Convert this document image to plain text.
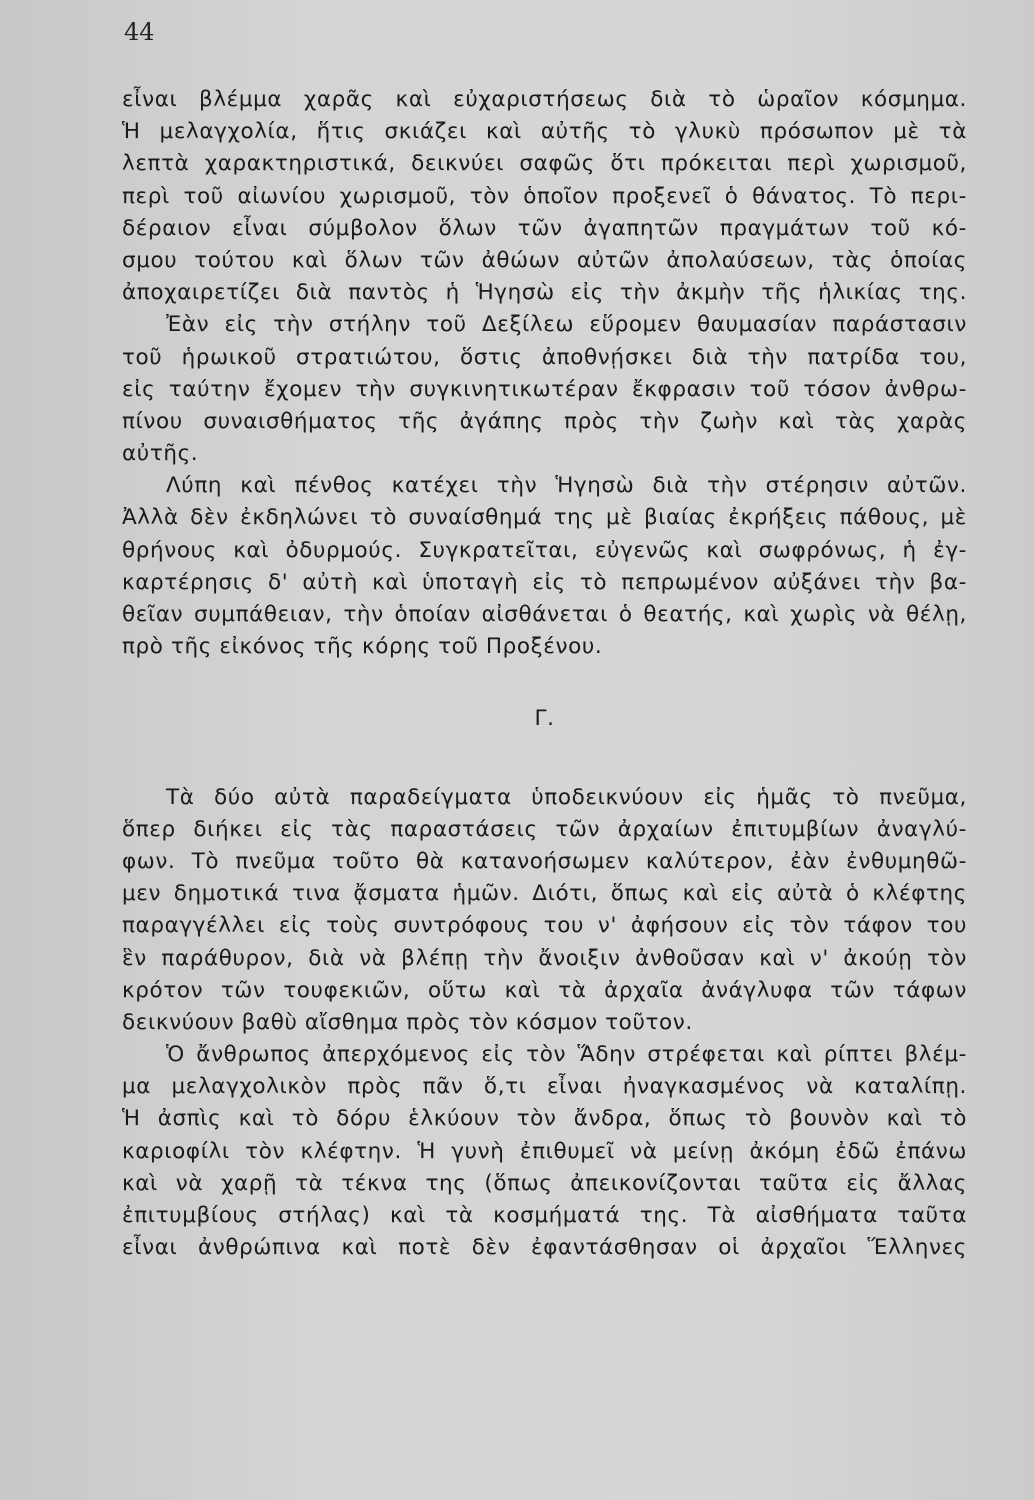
44
εἶναι βλέμμα χαρᾶς καὶ εὐχαριστήσεως διὰ τὸ ὡραῖον κόσμημα.
Ἡ μελαγχολία, ἥτις σκιάζει καὶ αὐτῆς τὸ γλυκὺ πρόσωπον μὲ τὰ
λεπτὰ χαρακτηριστικά, δεικνύει σαφῶς ὅτι πρόκειται περὶ χωρισμοῦ,
περὶ τοῦ αἰωνίου χωρισμοῦ, τὸν ὁποῖον προξενεῖ ὁ θάνατος. Τὸ περι-
δέραιον εἶναι σύμβολον ὅλων τῶν ἀγαπητῶν πραγμάτων τοῦ κό-
σμου τούτου καὶ ὅλων τῶν ἀθώων αὐτῶν ἀπολαύσεων, τὰς ὁποίας
ἀποχαιρετίζει διὰ παντὸς ἡ Ἡγησὼ εἰς τὴν ἀκμὴν τῆς ἡλικίας της.
Ἐὰν εἰς τὴν στήλην τοῦ Δεξίλεω εὕρομεν θαυμασίαν παράστασιν
τοῦ ἡρωικοῦ στρατιώτου, ὅστις ἀποθνῄσκει διὰ τὴν πατρίδα του,
εἰς ταύτην ἔχομεν τὴν συγκινητικωτέραν ἔκφρασιν τοῦ τόσον ἀνθρω-
πίνου συναισθήματος τῆς ἀγάπης πρὸς τὴν ζωὴν καὶ τὰς χαρὰς
αὐτῆς.
Λύπη καὶ πένθος κατέχει τὴν Ἡγησὼ διὰ τὴν στέρησιν αὐτῶν.
Ἀλλὰ δὲν ἐκδηλώνει τὸ συναίσθημά της μὲ βιαίας ἐκρήξεις πάθους, μὲ
θρήνους καὶ ὀδυρμούς. Συγκρατεῖται, εὐγενῶς καὶ σωφρόνως, ἡ ἐγ-
καρτέρησις δ' αὐτὴ καὶ ὑποταγὴ εἰς τὸ πεπρωμένον αὐξάνει τὴν βα-
θεῖαν συμπάθειαν, τὴν ὁποίαν αἰσθάνεται ὁ θεατής, καὶ χωρὶς νὰ θέλῃ,
πρὸ τῆς εἰκόνος τῆς κόρης τοῦ Προξένου.
Γ.
Τὰ δύο αὐτὰ παραδείγματα ὑποδεικνύουν εἰς ἡμᾶς τὸ πνεῦμα,
ὅπερ διήκει εἰς τὰς παραστάσεις τῶν ἀρχαίων ἐπιτυμβίων ἀναγλύ-
φων. Τὸ πνεῦμα τοῦτο θὰ κατανοήσωμεν καλύτερον, ἐὰν ἐνθυμηθῶ-
μεν δημοτικά τινα ᾄσματα ἡμῶν. Διότι, ὅπως καὶ εἰς αὐτὰ ὁ κλέφτης
παραγγέλλει εἰς τοὺς συντρόφους του ν' ἀφήσουν εἰς τὸν τάφον του
ἓν παράθυρον, διὰ νὰ βλέπῃ τὴν ἄνοιξιν ἀνθοῦσαν καὶ ν' ἀκούῃ τὸν
κρότον τῶν τουφεκιῶν, οὕτω καὶ τὰ ἀρχαῖα ἀνάγλυφα τῶν τάφων
δεικνύουν βαθὺ αἴσθημα πρὸς τὸν κόσμον τοῦτον.
Ὁ ἄνθρωπος ἀπερχόμενος εἰς τὸν Ἅδην στρέφεται καὶ ρίπτει βλέμ-
μα μελαγχολικὸν πρὸς πᾶν ὅ,τι εἶναι ἠναγκασμένος νὰ καταλίπῃ.
Ἡ ἀσπὶς καὶ τὸ δόρυ ἑλκύουν τὸν ἄνδρα, ὅπως τὸ βουνὸν καὶ τὸ
καριοφίλι τὸν κλέφτην. Ἡ γυνὴ ἐπιθυμεῖ νὰ μείνῃ ἀκόμη ἐδῶ ἐπάνω
καὶ νὰ χαρῇ τὰ τέκνα της (ὅπως ἀπεικονίζονται ταῦτα εἰς ἄλλας
ἐπιτυμβίους στήλας) καὶ τὰ κοσμήματά της. Τὰ αἰσθήματα ταῦτα
εἶναι ἀνθρώπινα καὶ ποτὲ δὲν ἐφαντάσθησαν οἱ ἀρχαῖοι Ἕλληνες
